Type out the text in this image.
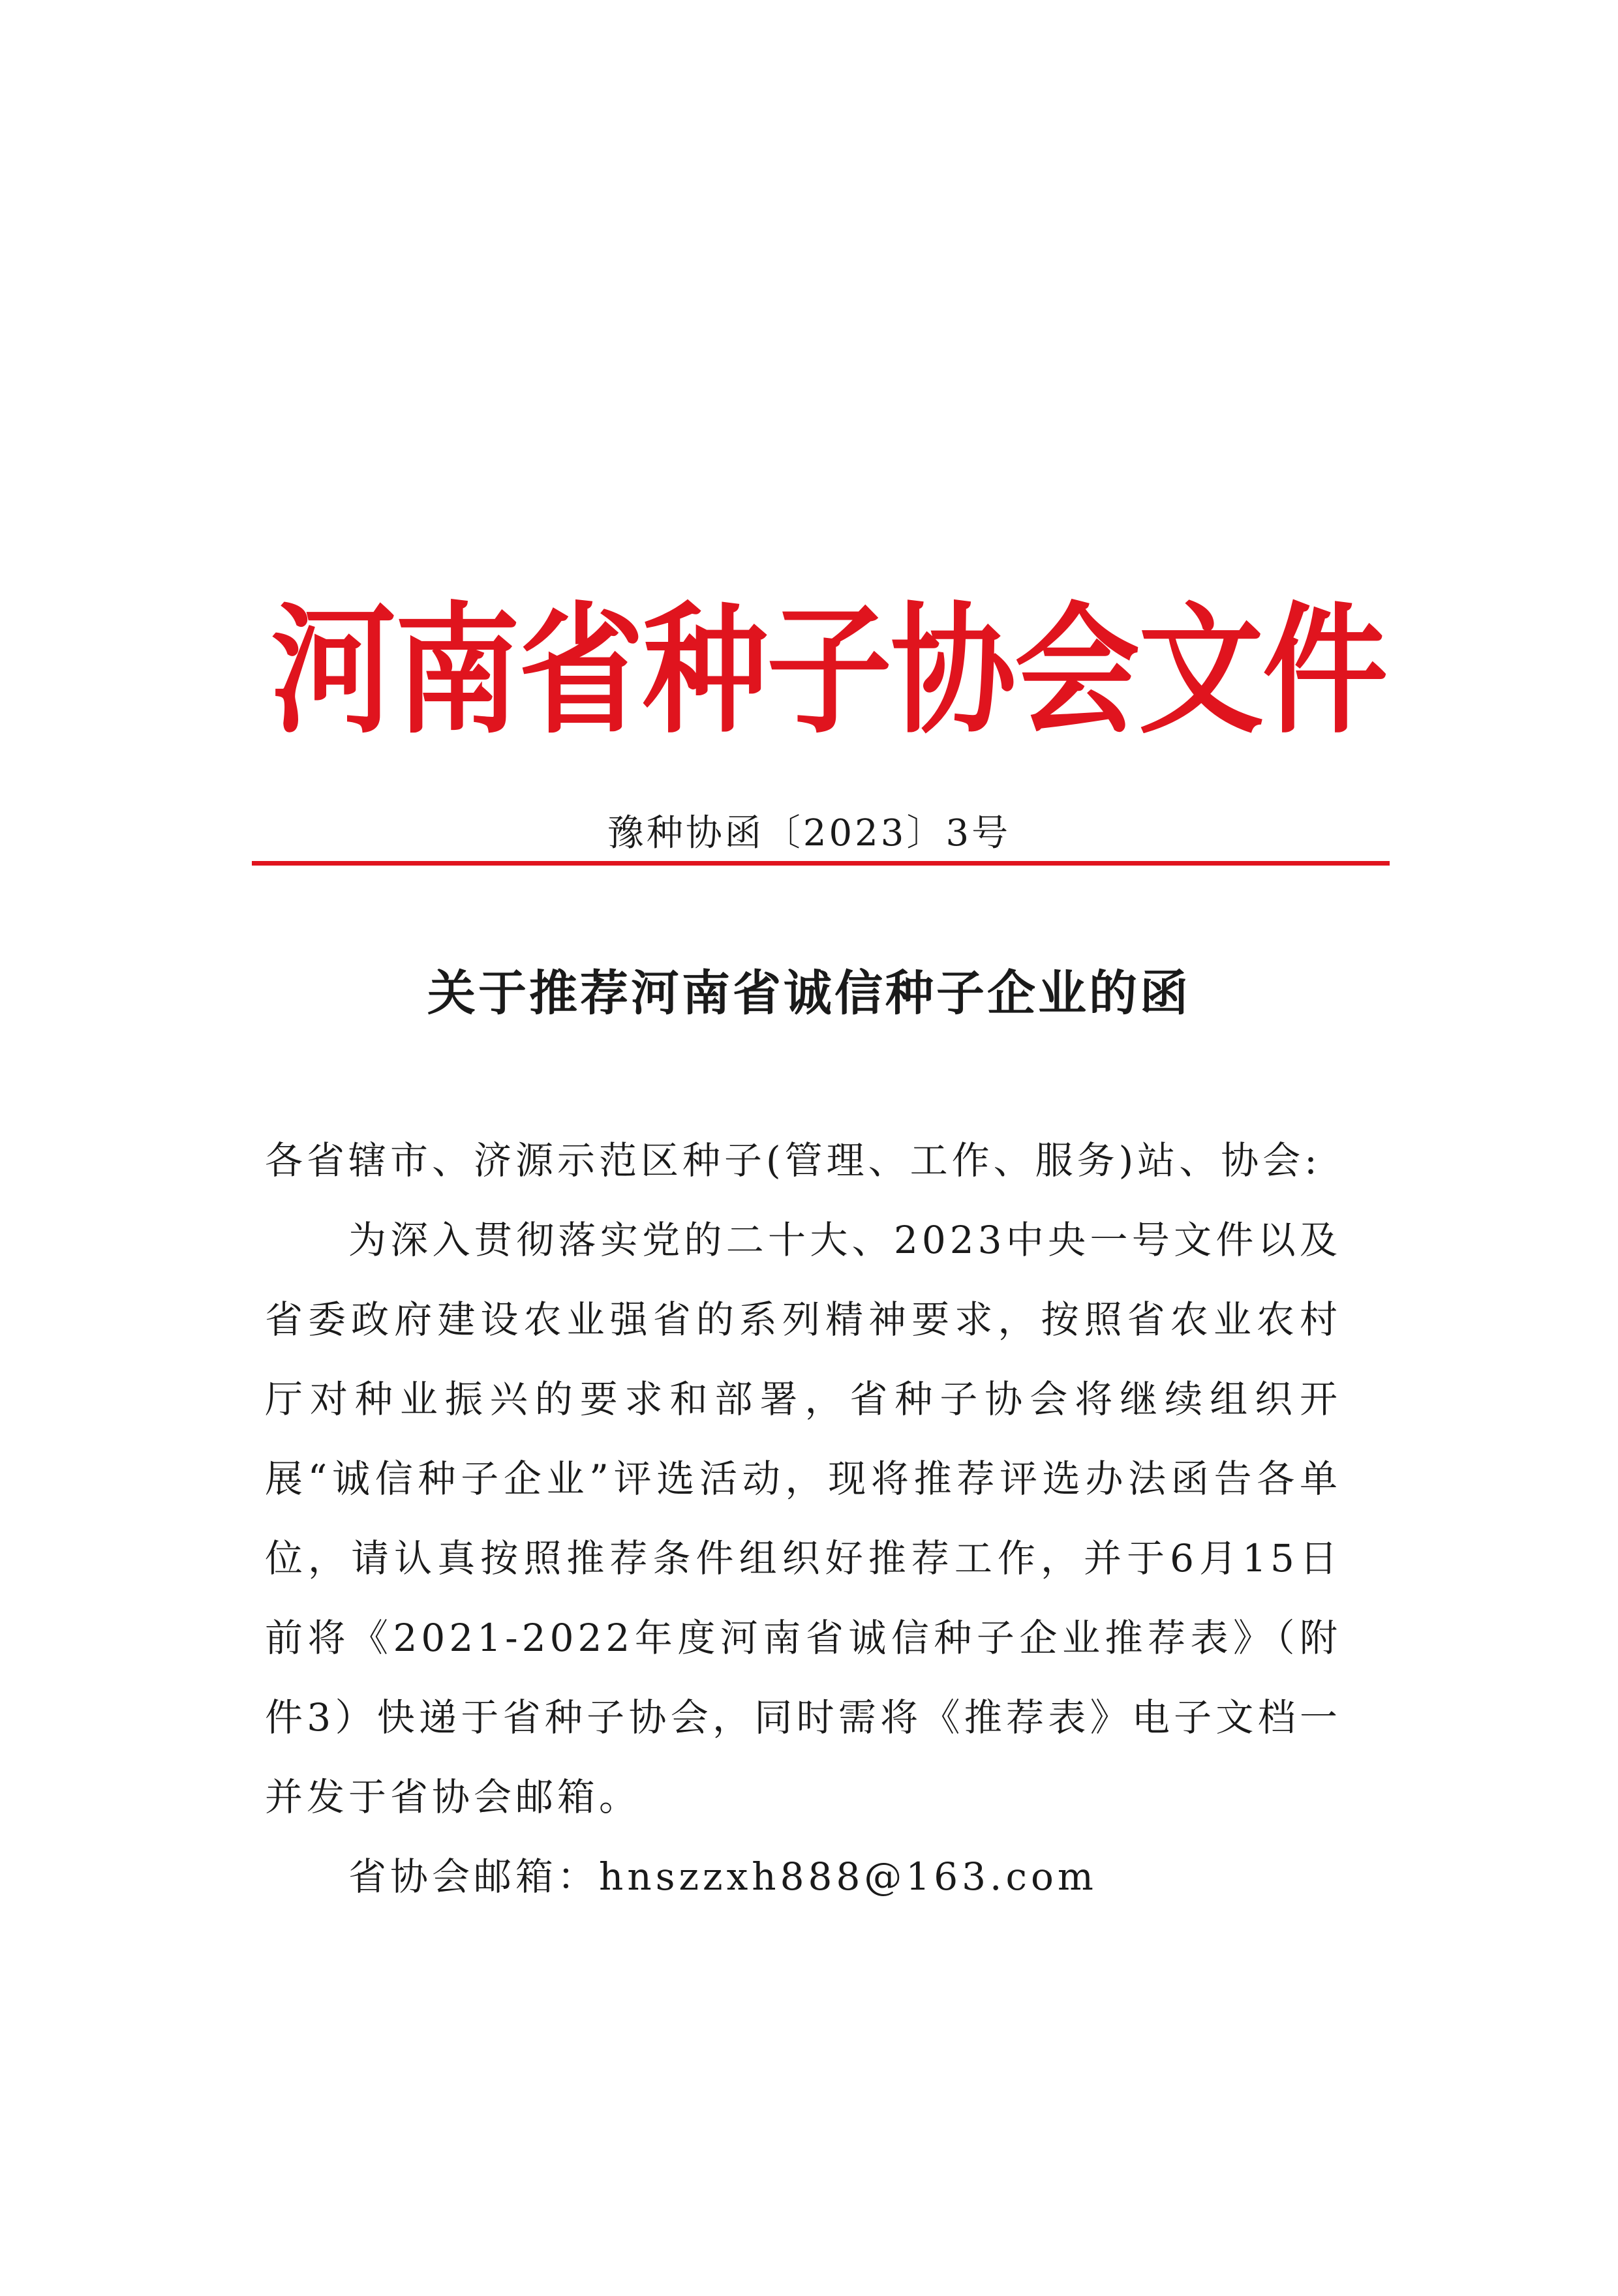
河南省种子协会文件
豫种协函〔2023〕3号
关于推荐河南省诚信种子企业的函

各省辖市、济源示范区种子(管理、工作、服务)站、协会:

为深入贯彻落实党的二十大、2023中央一号文件以及省委政府建设农业强省的系列精神要求，按照省农业农村厅对种业振兴的要求和部署，省种子协会将继续组织开展“诚信种子企业”评选活动，现将推荐评选办法函告各单位，请认真按照推荐条件组织好推荐工作，并于6月15日前将《2021-2022年度河南省诚信种子企业推荐表》（附件3）快递于省种子协会，同时需将《推荐表》电子文档一并发于省协会邮箱。

省协会邮箱：hnszzxh888@163.com
